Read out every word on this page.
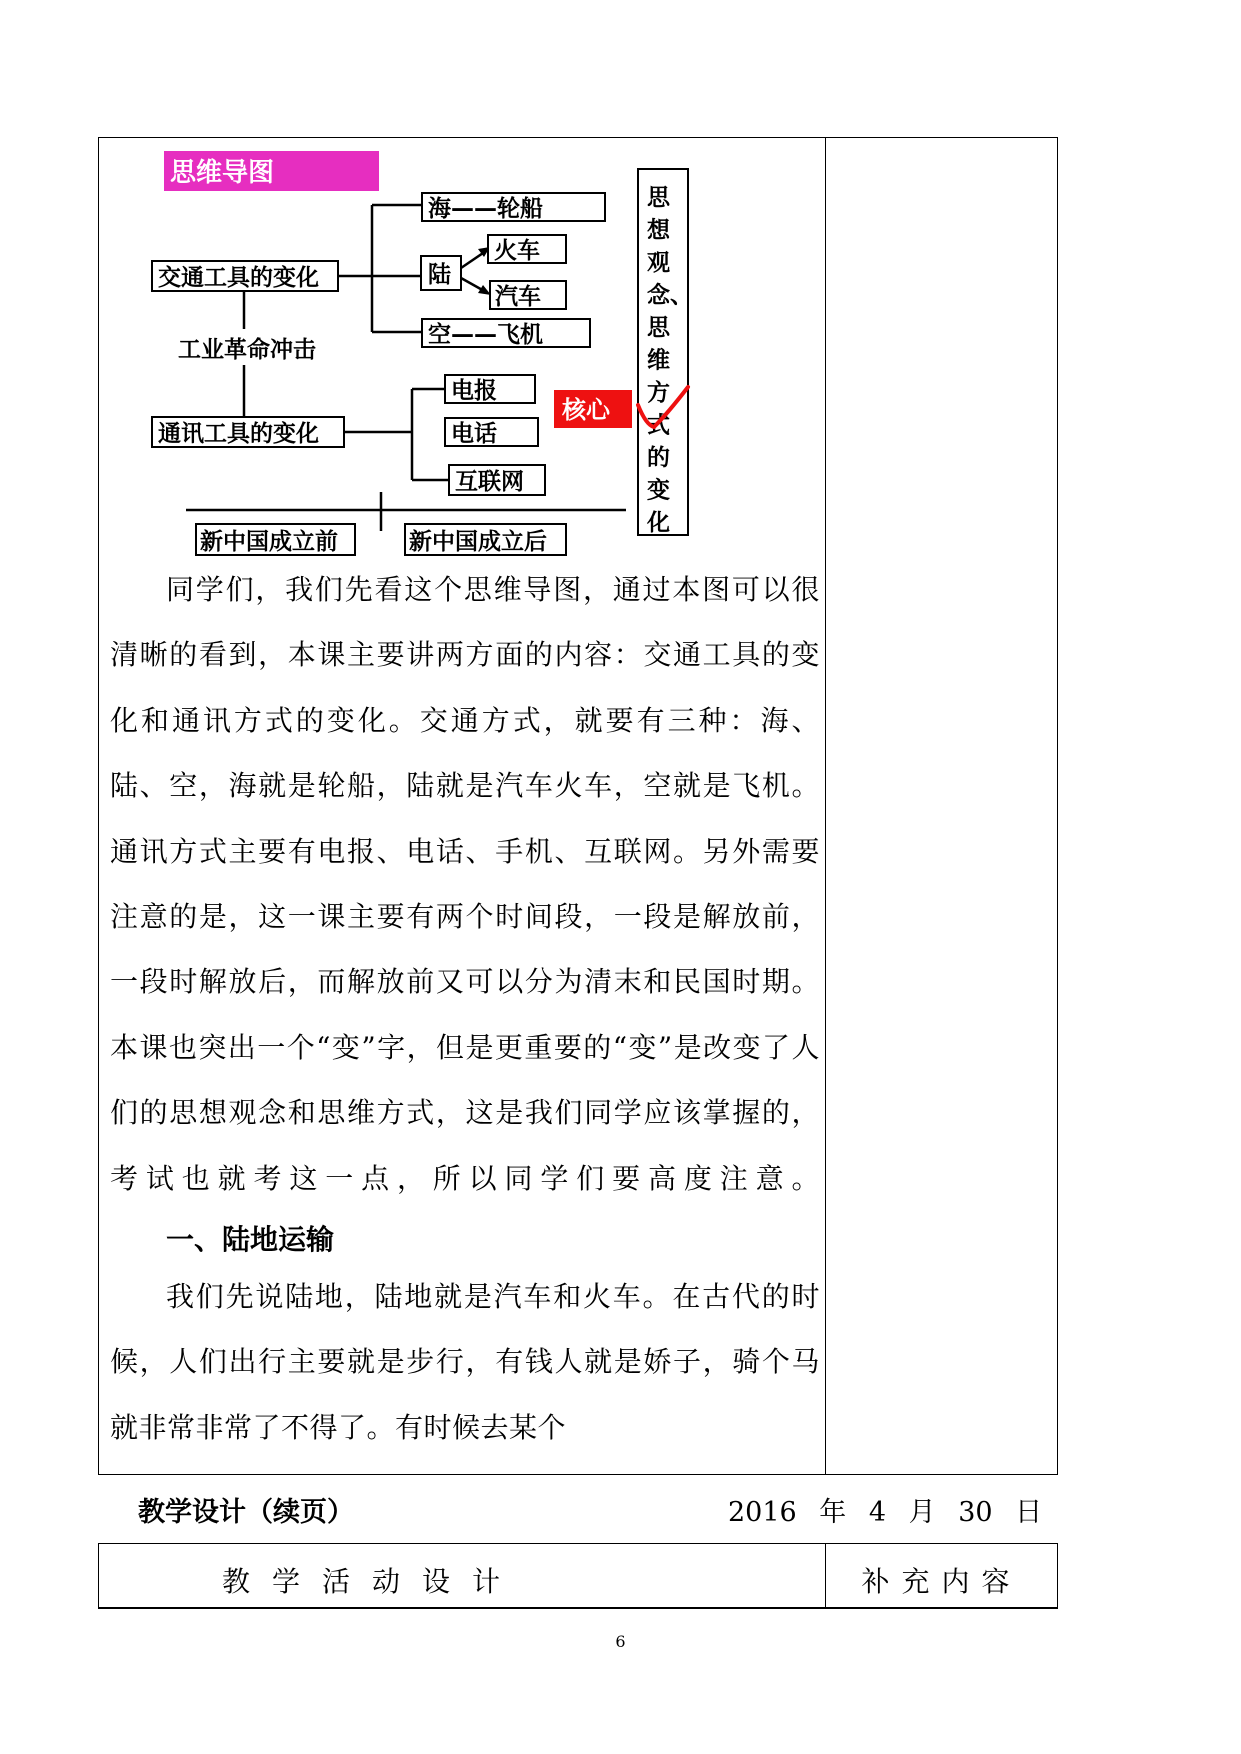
思维导图
交通工具的变化
工业革命冲击
通讯工具的变化
海——轮船
陆
火车
汽车
空——飞机
电报
电话
互联网
核心
思
想
观
念、
思
维
方
式
的
变
化
新中国成立前	新中国成立后

同学们，我们先看这个思维导图，通过本图可以很清晰的看到，本课主要讲两方面的内容：交通工具的变化和通讯方式的变化。交通方式，就要有三种：海、陆、空，海就是轮船，陆就是汽车火车，空就是飞机。通讯方式主要有电报、电话、手机、互联网。另外需要注意的是，这一课主要有两个时间段，一段是解放前，一段时解放后，而解放前又可以分为清末和民国时期。本课也突出一个“变”字，但是更重要的“变”是改变了人们的思想观念和思维方式，这是我们同学应该掌握的，考试也就考这一点，所以同学们要高度注意。

一、陆地运输

我们先说陆地，陆地就是汽车和火车。在古代的时候，人们出行主要就是步行，有钱人就是娇子，骑个马就非常非常了不得了。有时候去某个

教学设计（续页）	2016 年 4 月 30 日
教学活动设计	补充内容
6
